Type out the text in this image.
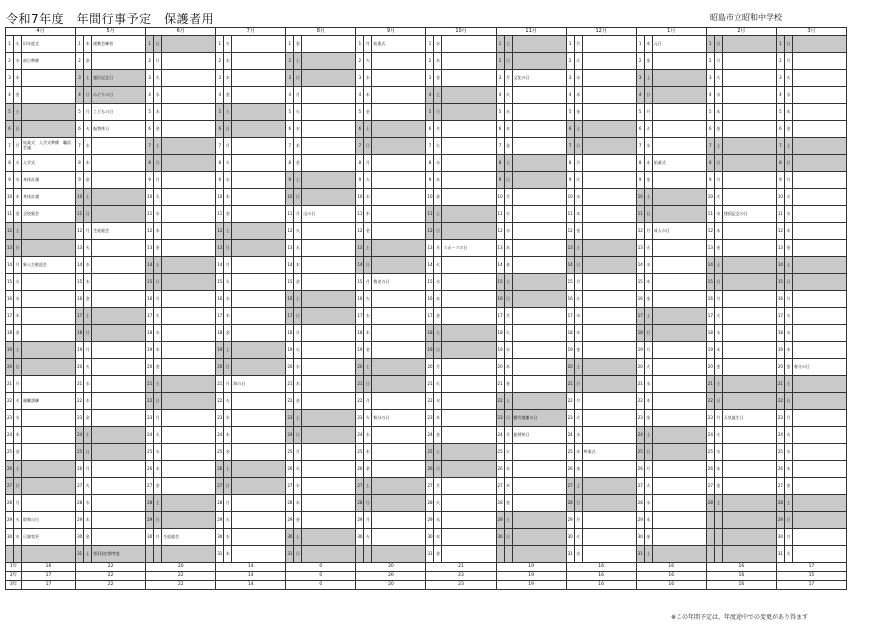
令和7年度　年間行事予定　保護者用	昭島市立昭和中学校
4月			5月			6月			7月			8月			9月			10月			11月			12月			1月			2月			3月		
1	火	旧年度式	1	木	運動会練習	1	日		1	火		1	金		1	月	始業式	1	水		1	土		1	月		1	木	元日	1	日		1	日	
2	水	前日準備	2	金		2	月		2	水		2	土		2	火		2	木		2	日		2	火		2	金		2	月		2	月	
3	木		3	土	憲法記念日	3	火		3	木		3	日		3	水		3	金		3	月	文化の日	3	水		3	土		3	火		3	火	
4	金		4	日	みどりの日	4	水		4	金		4	月		4	木		4	土		4	火		4	木		4	日		4	水		4	水	
5	土		5	月	こどもの日	5	木		5	土		5	火		5	金		5	日		5	水		5	金		5	月		5	木		5	木	
6	日		6	火	振替休日	6	金		6	日		6	水		6	土		6	月		6	木		6	土		6	火		6	金		6	金	
7	月	始業式　入学式準備　職員会議	7	水		7	土		7	月		7	木		7	日		7	火		7	金		7	日		7	水		7	土		7	土	
8	火	入学式	8	木		8	日		8	火		8	金		8	月		8	水		8	土		8	月		8	木	始業式	8	日		8	日	
9	水	身体計測	9	金		9	月		9	水		9	土		9	火		9	木		9	日		9	火		9	金		9	月		9	月	
10	木	身体計測	10	土		10	火		10	木		10	日		10	水		10	金		10	月		10	水		10	土		10	火		10	火	
11	金	全校集会	11	日		11	水		11	金		11	月	山の日	11	木		11	土		11	火		11	木		11	日		11	水	建国記念の日	11	水	
12	土		12	月	生徒総会	12	木		12	土		12	火		12	金		12	日		12	水		12	金		12	月	成人の日	12	木		12	木	
13	日		13	火		13	金		13	日		13	水		13	土		13	月	スポーツの日	13	木		13	土		13	火		13	金		13	金	
14	月	新入生歓迎会	14	水		14	土		14	月		14	木		14	日		14	火		14	金		14	日		14	水		14	土		14	土	
15	火		15	木		15	日		15	火		15	金		15	月	敬老の日	15	水		15	土		15	月		15	木		15	日		15	日	
16	水		16	金		16	月		16	水		16	土		16	火		16	木		16	日		16	火		16	金		16	月		16	月	
17	木		17	土		17	火		17	木		17	日		17	水		17	金		17	月		17	水		17	土		17	火		17	火	
18	金		18	日		18	水		18	金		18	月		18	木		18	土		18	火		18	木		18	日		18	水		18	水	
19	土		19	月		19	木		19	土		19	火		19	金		19	日		19	水		19	金		19	月		19	木		19	木	
20	日		20	火		20	金		20	日		20	水		20	土		20	月		20	木		20	土		20	火		20	金		20	金	春分の日
21	月		21	水		21	土		21	月	海の日	21	木		21	日		21	火		21	金		21	日		21	水		21	土		21	土	
22	火	避難訓練	22	木		22	日		22	火		22	金		22	月		22	水		22	土		22	月		22	木		22	日		22	日	
23	水		23	金		23	月		23	水		23	土		23	火	秋分の日	23	木		23	日	勤労感謝の日	23	火		23	金		23	月	天皇誕生日	23	月	
24	木		24	土		24	火		24	木		24	日		24	水		24	金		24	月	振替休日	24	水		24	土		24	火		24	火	
25	金		25	日		25	水		25	金		25	月		25	木		25	土		25	火		25	木	終業式	25	日		25	水		25	水	
26	土		26	月		26	木		26	土		26	火		26	金		26	日		26	水		26	金		26	月		26	木		26	木	
27	日		27	火		27	金		27	日		27	水		27	土		27	月		27	木		27	土		27	火		27	金		27	金	
28	月		28	水		28	土		28	月		28	木		28	日		28	火		28	金		28	日		28	水		28	土		28	土	
29	火	昭和の日	29	木		29	日		29	火		29	金		29	月		29	水		29	土		29	月		29	木					29	日	
30	水	日課変更	30	金		30	月	生徒総会	30	水		30	土		30	火		30	木		30	日		30	火		30	金					30	月	
			31	土	第1回定期考査				31	木		31	日					31	金					31	水		31	土					31	火	
1年		16	22			20			14			0			20			21			19			16			16			16			17		
2年		17	22			22			14			0			20			23			19			16			16			16			15		
3年		17	22			22			14			0			20			23			19			16			16			16			17		
※この年間予定は、年度途中での変更があり得ます
